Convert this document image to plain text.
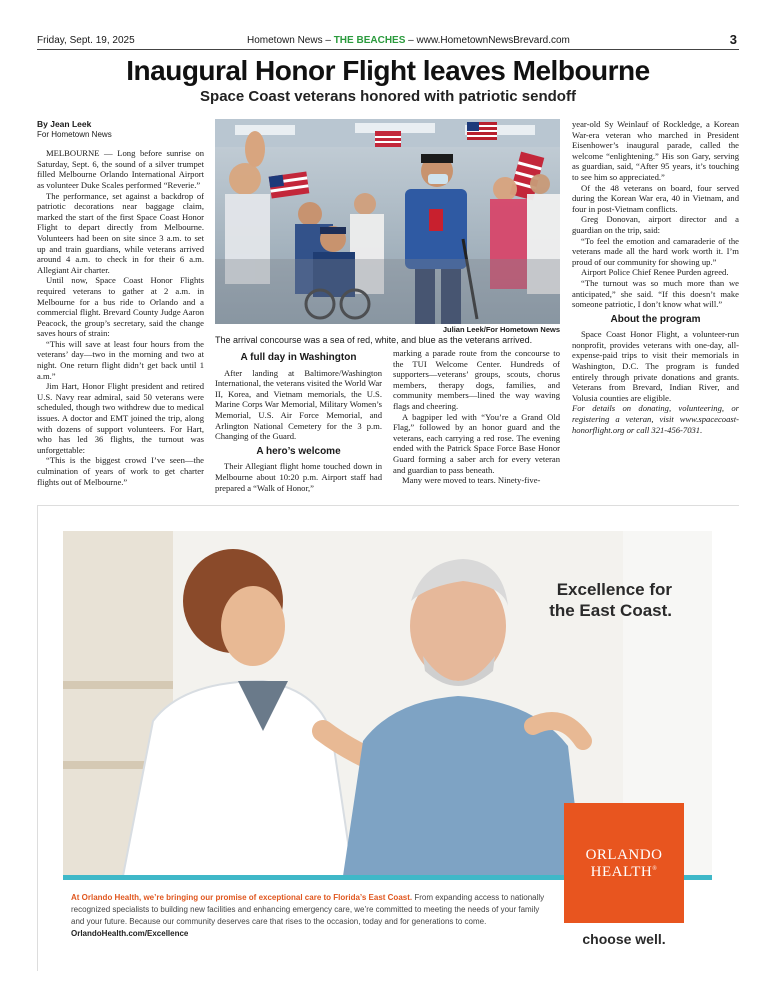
Friday, Sept. 19, 2025	Hometown News – THE BEACHES – www.HometownNewsBrevard.com	3
Inaugural Honor Flight leaves Melbourne
Space Coast veterans honored with patriotic sendoff
By Jean Leek
For Hometown News

MELBOURNE — Long before sunrise on Saturday, Sept. 6, the sound of a silver trumpet filled Melbourne Orlando International Airport as volunteer Duke Scales performed “Reverie.”

The performance, set against a backdrop of patriotic decorations near baggage claim, marked the start of the first Space Coast Honor Flight to depart directly from Melbourne. Volunteers had been on site since 3 a.m. to set up and train guardians, while veterans arrived around 4 a.m. to check in for their 6 a.m. Allegiant Air charter.

Until now, Space Coast Honor Flights required veterans to gather at 2 a.m. in Melbourne for a bus ride to Orlando and a commercial flight. Brevard County Judge Aaron Peacock, the group’s secretary, said the change saves hours of strain:

“This will save at least four hours from the veterans’ day—two in the morning and two at night. One return flight didn’t get back until 1 a.m.”

Jim Hart, Honor Flight president and retired U.S. Navy rear admiral, said 50 veterans were scheduled, though two withdrew due to medical issues. A doctor and EMT joined the trip, along with dozens of support volunteers. For Hart, who has led 36 flights, the turnout was unforgettable:

“This is the biggest crowd I’ve seen—the culmination of years of work to get charter flights out of Melbourne.”

Julian Leek/For Hometown News
The arrival concourse was a sea of red, white, and blue as the veterans arrived.
A full day in Washington

After landing at Baltimore/Washington International, the veterans visited the World War II, Korea, and Vietnam memorials, the U.S. Marine Corps War Memorial, Military Women’s Memorial, U.S. Air Force Memorial, and Arlington National Cemetery for the 3 p.m. Changing of the Guard.

A hero’s welcome

Their Allegiant flight home touched down in Melbourne about 10:20 p.m. Airport staff had prepared a “Walk of Honor,”

marking a parade route from the concourse to the TUI Welcome Center. Hundreds of supporters—veterans’ groups, scouts, chorus members, therapy dogs, families, and community members—lined the way waving flags and cheering.

A bagpiper led with “You’re a Grand Old Flag,” followed by an honor guard and the veterans, each carrying a red rose. The evening ended with the Patrick Space Force Base Honor Guard forming a saber arch for every veteran and guardian to pass beneath.

Many were moved to tears. Ninety-five-

year-old Sy Weinlauf of Rockledge, a Korean War-era veteran who marched in President Eisenhower’s inaugural parade, called the welcome “enlightening.” His son Gary, serving as guardian, said, “After 95 years, it’s touching to see him so appreciated.”

Of the 48 veterans on board, four served during the Korean War era, 40 in Vietnam, and four in post-Vietnam conflicts.

Greg Donovan, airport director and a guardian on the trip, said:

“To feel the emotion and camaraderie of the veterans made all the hard work worth it. I’m proud of our community for showing up.”

Airport Police Chief Renee Purden agreed.

“The turnout was so much more than we anticipated,” she said. “If this doesn’t make someone patriotic, I don’t know what will.”

About the program

Space Coast Honor Flight, a volunteer-run nonprofit, provides veterans with one-day, all-expense-paid trips to visit their memorials in Washington, D.C. The program is funded entirely through private donations and grants. Veterans from Brevard, Indian River, and Volusia counties are eligible.

For details on donating, volunteering, or registering a veteran, visit www.spacecoast-honorflight.org or call 321-456-7031.

Excellence for
the East Coast.
At Orlando Health, we’re bringing our promise of exceptional care to Florida’s East Coast. From expanding access to nationally recognized specialists to building new facilities and enhancing emergency care, we’re committed to meeting the needs of your family and your future. Because our community deserves care that rises to the occasion, today and for generations to come. OrlandoHealth.com/Excellence
ORLANDO
HEALTH®
choose well.
